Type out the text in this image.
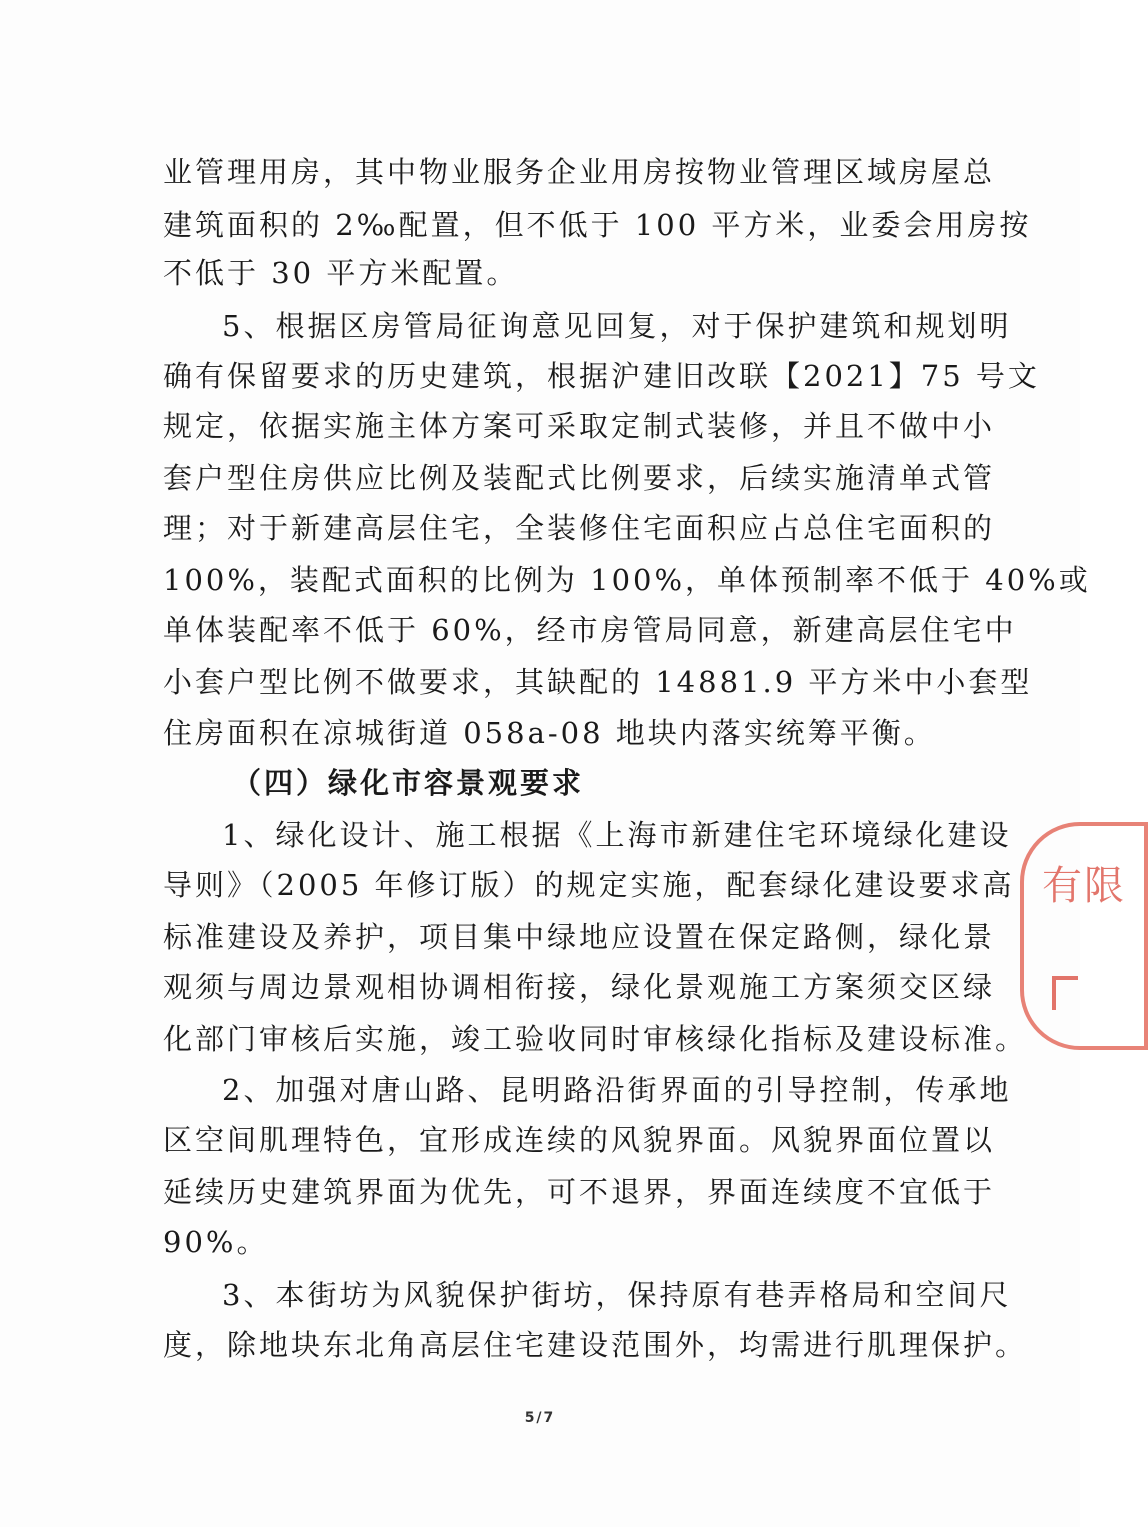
业管理用房，其中物业服务企业用房按物业管理区域房屋总
建筑面积的 2‰配置，但不低于 100 平方米，业委会用房按
不低于 30 平方米配置。
5、根据区房管局征询意见回复，对于保护建筑和规划明
确有保留要求的历史建筑，根据沪建旧改联【2021】75 号文
规定，依据实施主体方案可采取定制式装修，并且不做中小
套户型住房供应比例及装配式比例要求，后续实施清单式管
理；对于新建高层住宅，全装修住宅面积应占总住宅面积的
100%，装配式面积的比例为 100%，单体预制率不低于 40%或
单体装配率不低于 60%，经市房管局同意，新建高层住宅中
小套户型比例不做要求，其缺配的 14881.9 平方米中小套型
住房面积在凉城街道 058a-08 地块内落实统筹平衡。
（四）绿化市容景观要求
1、绿化设计、施工根据《上海市新建住宅环境绿化建设
导则》（2005 年修订版）的规定实施，配套绿化建设要求高
标准建设及养护，项目集中绿地应设置在保定路侧，绿化景
观须与周边景观相协调相衔接，绿化景观施工方案须交区绿
化部门审核后实施，竣工验收同时审核绿化指标及建设标准。
2、加强对唐山路、昆明路沿街界面的引导控制，传承地
区空间肌理特色，宜形成连续的风貌界面。风貌界面位置以
延续历史建筑界面为优先，可不退界，界面连续度不宜低于
90%。
3、本街坊为风貌保护街坊，保持原有巷弄格局和空间尺
度，除地块东北角高层住宅建设范围外，均需进行肌理保护。
5/7
有限
